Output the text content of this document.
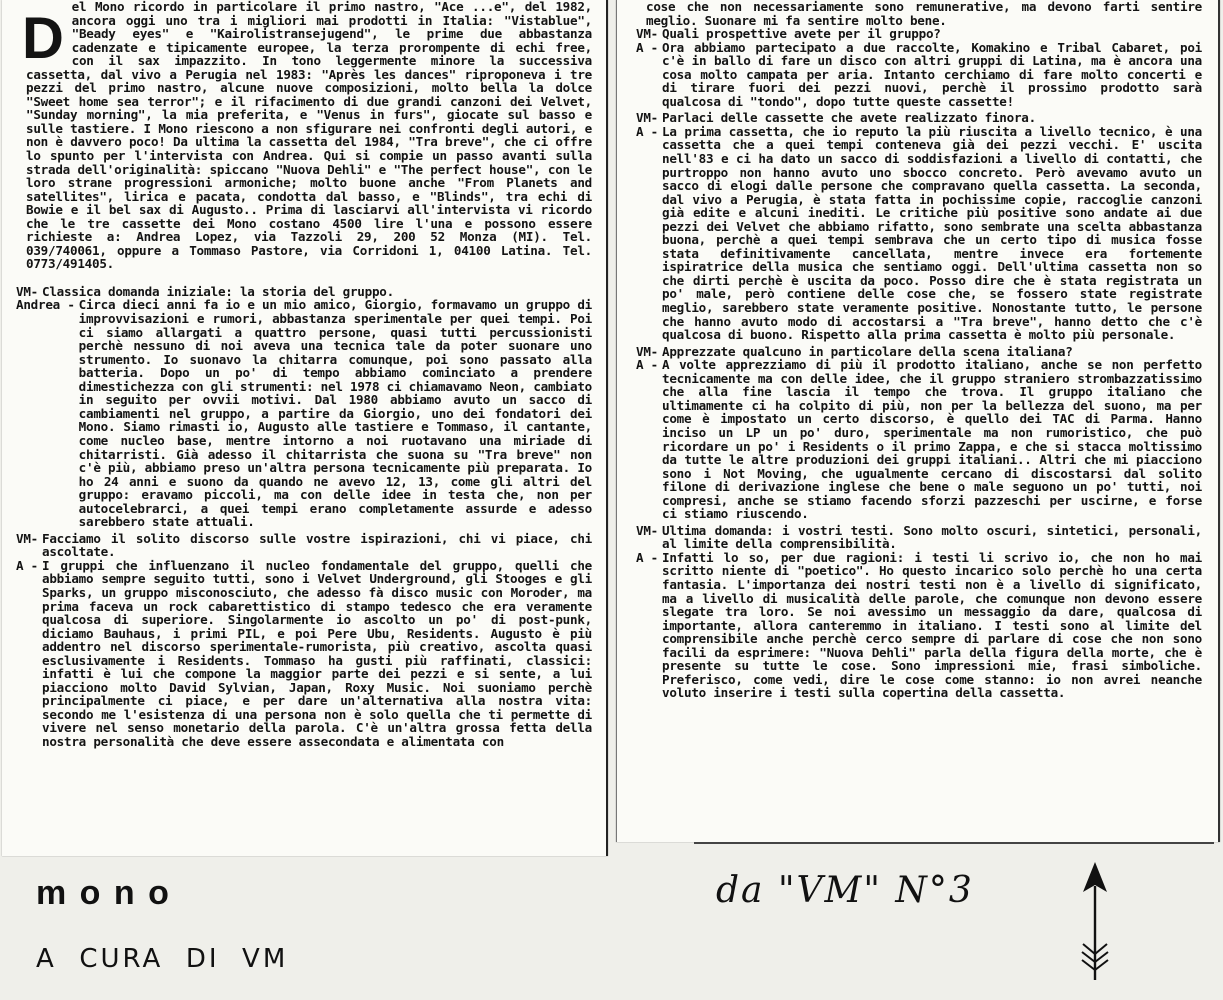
D el Mono ricordo in particolare il primo nastro, "Ace ...e", del 1982, ancora oggi uno tra i migliori mai prodotti in Italia: "Vistablue", "Beady eyes" e "Kairolistransejugend", le prime due abbastanza cadenzate e tipicamente europee, la terza prorompente di echi free, con il sax impazzito. In tono leggermente minore la successiva cassetta, dal vivo a Perugia nel 1983: "Après les dances" riproponeva i tre pezzi del primo nastro, alcune nuove composizioni, molto bella la dolce "Sweet home sea terror"; e il rifacimento di due grandi canzoni dei Velvet, "Sunday morning", la mia preferita, e "Venus in furs", giocate sul basso e sulle tastiere. I Mono riescono a non sfigurare nei confronti degli autori, e non è davvero poco! Da ultima la cassetta del 1984, "Tra breve", che ci offre lo spunto per l'intervista con Andrea. Qui si compie un passo avanti sulla strada dell'originalità: spiccano "Nuova Dehli" e "The perfect house", con le loro strane progressioni armoniche; molto buone anche "From Planets and satellites", lirica e pacata, condotta dal basso, e "Blinds", tra echi di Bowie e il bel sax di Augusto.. Prima di lasciarvi all'intervista vi ricordo che le tre cassette dei Mono costano 4500 lire l'una e possono essere richieste a: Andrea Lopez, via Tazzoli 29, 200 52 Monza (MI). Tel. 039/740061, oppure a Tommaso Pastore, via Corridoni 1, 04100 Latina. Tel. 0773/491405.

VM- Classica domanda iniziale: la storia del gruppo.

Andrea - Circa dieci anni fa io e un mio amico, Giorgio, formavamo un gruppo di improvvisazioni e rumori, abbastanza sperimentale per quei tempi. Poi ci siamo allargati a quattro persone, quasi tutti percussionisti perchè nessuno di noi aveva una tecnica tale da poter suonare uno strumento. Io suonavo la chitarra comunque, poi sono passato alla batteria. Dopo un po' di tempo abbiamo cominciato a prendere dimestichezza con gli strumenti: nel 1978 ci chiamavamo Neon, cambiato in seguito per ovvii motivi. Dal 1980 abbiamo avuto un sacco di cambiamenti nel gruppo, a partire da Giorgio, uno dei fondatori dei Mono. Siamo rimasti io, Augusto alle tastiere e Tommaso, il cantante, come nucleo base, mentre intorno a noi ruotavano una miriade di chitarristi. Già adesso il chitarrista che suona su "Tra breve" non c'è più, abbiamo preso un'altra persona tecnicamente più preparata. Io ho 24 anni e suono da quando ne avevo 12, 13, come gli altri del gruppo: eravamo piccoli, ma con delle idee in testa che, non per autocelebrarci, a quei tempi erano completamente assurde e adesso sarebbero state attuali.

VM- Facciamo il solito discorso sulle vostre ispirazioni, chi vi piace, chi ascoltate.

A - I gruppi che influenzano il nucleo fondamentale del gruppo, quelli che abbiamo sempre seguito tutti, sono i Velvet Underground, gli Stooges e gli Sparks, un gruppo misconosciuto, che adesso fà disco music con Moroder, ma prima faceva un rock cabarettistico di stampo tedesco che era veramente qualcosa di superiore. Singolarmente io ascolto un po' di post-punk, diciamo Bauhaus, i primi PIL, e poi Pere Ubu, Residents. Augusto è più addentro nel discorso sperimentale-rumorista, più creativo, ascolta quasi esclusivamente i Residents. Tommaso ha gusti più raffinati, classici: infatti è lui che compone la maggior parte dei pezzi e si sente, a lui piacciono molto David Sylvian, Japan, Roxy Music. Noi suoniamo perchè principalmente ci piace, e per dare un'alternativa alla nostra vita: secondo me l'esistenza di una persona non è solo quella che ti permette di vivere nel senso monetario della parola. C'è un'altra grossa fetta della nostra personalità che deve essere assecondata e alimentata con

cose che non necessariamente sono remunerative, ma devono farti sentire meglio. Suonare mi fa sentire molto bene.

VM- Quali prospettive avete per il gruppo?

A - Ora abbiamo partecipato a due raccolte, Komakino e Tribal Cabaret, poi c'è in ballo di fare un disco con altri gruppi di Latina, ma è ancora una cosa molto campata per aria. Intanto cerchiamo di fare molto concerti e di tirare fuori dei pezzi nuovi, perchè il prossimo prodotto sarà qualcosa di "tondo", dopo tutte queste cassette!

VM- Parlaci delle cassette che avete realizzato finora.

A - La prima cassetta, che io reputo la più riuscita a livello tecnico, è una cassetta che a quei tempi conteneva già dei pezzi vecchi. E' uscita nell'83 e ci ha dato un sacco di soddisfazioni a livello di contatti, che purtroppo non hanno avuto uno sbocco concreto. Però avevamo avuto un sacco di elogi dalle persone che compravano quella cassetta. La seconda, dal vivo a Perugia, è stata fatta in pochissime copie, raccoglie canzoni già edite e alcuni inediti. Le critiche più positive sono andate ai due pezzi dei Velvet che abbiamo rifatto, sono sembrate una scelta abbastanza buona, perchè a quei tempi sembrava che un certo tipo di musica fosse stata definitivamente cancellata, mentre invece era fortemente ispiratrice della musica che sentiamo oggi. Dell'ultima cassetta non so che dirti perchè è uscita da poco. Posso dire che è stata registrata un po' male, però contiene delle cose che, se fossero state registrate meglio, sarebbero state veramente positive. Nonostante tutto, le persone che hanno avuto modo di accostarsi a "Tra breve", hanno detto che c'è qualcosa di buono. Rispetto alla prima cassetta è molto più personale.

VM- Apprezzate qualcuno in particolare della scena italiana?

A - A volte apprezziamo di più il prodotto italiano, anche se non perfetto tecnicamente ma con delle idee, che il gruppo straniero strombazzatissimo che alla fine lascia il tempo che trova. Il gruppo italiano che ultimamente ci ha colpito di più, non per la bellezza del suono, ma per come è impostato un certo discorso, è quello dei TAC di Parma. Hanno inciso un LP un po' duro, sperimentale ma non rumoristico, che può ricordare un po' i Residents o il primo Zappa, e che si stacca moltissimo da tutte le altre produzioni dei gruppi italiani.. Altri che mi piacciono sono i Not Moving, che ugualmente cercano di discostarsi dal solito filone di derivazione inglese che bene o male seguono un po' tutti, noi compresi, anche se stiamo facendo sforzi pazzeschi per uscirne, e forse ci stiamo riuscendo.

VM- Ultima domanda: i vostri testi. Sono molto oscuri, sintetici, personali, al limite della comprensibilità.

A - Infatti lo so, per due ragioni: i testi li scrivo io, che non ho mai scritto niente di "poetico". Ho questo incarico solo perchè ho una certa fantasia. L'importanza dei nostri testi non è a livello di significato, ma a livello di musicalità delle parole, che comunque non devono essere slegate tra loro. Se noi avessimo un messaggio da dare, qualcosa di importante, allora canteremmo in italiano. I testi sono al limite del comprensibile anche perchè cerco sempre di parlare di cose che non sono facili da esprimere: "Nuova Dehli" parla della figura della morte, che è presente su tutte le cose. Sono impressioni mie, frasi simboliche. Preferisco, come vedi, dire le cose come stanno: io non avrei neanche voluto inserire i testi sulla copertina della cassetta.

m o n o
A  CURA  DI  VM
da "VM" N°3
